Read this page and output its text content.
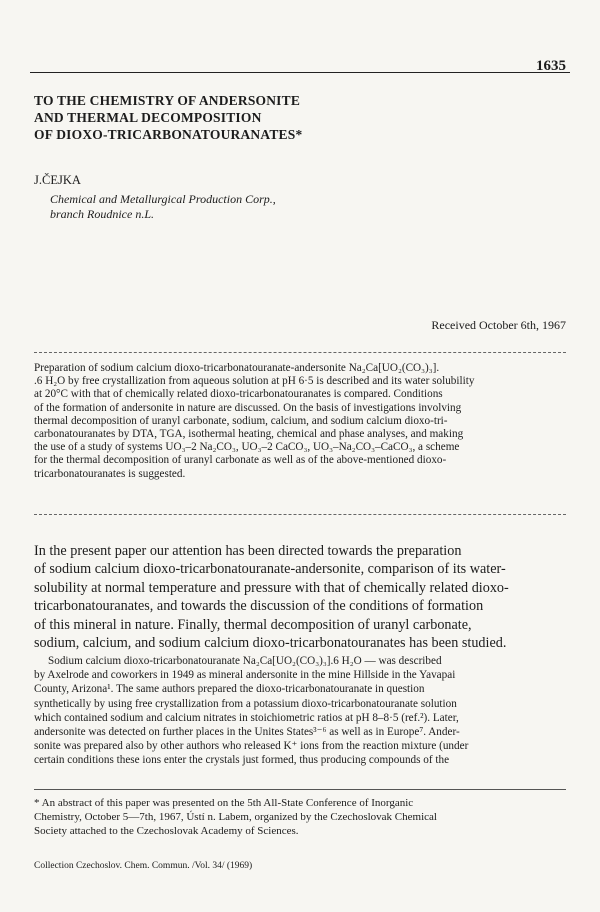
1635
TO THE CHEMISTRY OF ANDERSONITE
AND THERMAL DECOMPOSITION
OF DIOXO-TRICARBONATOURANATES*
J.ČEJKA
Chemical and Metallurgical Production Corp.,
branch Roudnice n.L.
Received October 6th, 1967
Preparation of sodium calcium dioxo-tricarbonatouranate-andersonite Na₂Ca[UO₂(CO₃)₃].
.6 H₂O by free crystallization from aqueous solution at pH 6·5 is described and its water solubility
at 20°C with that of chemically related dioxo-tricarbonatouranates is compared. Conditions
of the formation of andersonite in nature are discussed. On the basis of investigations involving
thermal decomposition of uranyl carbonate, sodium, calcium, and sodium calcium dioxo-tri-
carbonatouranates by DTA, TGA, isothermal heating, chemical and phase analyses, and making
the use of a study of systems UO₃–2 Na₂CO₃, UO₃–2 CaCO₃, UO₃–Na₂CO₃–CaCO₃, a scheme
for the thermal decomposition of uranyl carbonate as well as of the above-mentioned dioxo-
tricarbonatouranates is suggested.
In the present paper our attention has been directed towards the preparation
of sodium calcium dioxo-tricarbonatouranate-andersonite, comparison of its water-
solubility at normal temperature and pressure with that of chemically related dioxo-
tricarbonatouranates, and towards the discussion of the conditions of formation
of this mineral in nature. Finally, thermal decomposition of uranyl carbonate,
sodium, calcium, and sodium calcium dioxo-tricarbonatouranates has been studied.
Sodium calcium dioxo-tricarbonatouranate Na₂Ca[UO₂(CO₃)₃].6 H₂O — was described
by Axelrode and coworkers in 1949 as mineral andersonite in the mine Hillside in the Yavapai
County, Arizona¹. The same authors prepared the dioxo-tricarbonatouranate in question
synthetically by using free crystallization from a potassium dioxo-tricarbonatouranate solution
which contained sodium and calcium nitrates in stoichiometric ratios at pH 8–8·5 (ref.²). Later,
andersonite was detected on further places in the Unites States³⁻⁶ as well as in Europe⁷. Ander-
sonite was prepared also by other authors who released K⁺ ions from the reaction mixture (under
certain conditions these ions enter the crystals just formed, thus producing compounds of the
* An abstract of this paper was presented on the 5th All-State Conference of Inorganic
Chemistry, October 5—7th, 1967, Ústí n. Labem, organized by the Czechoslovak Chemical
Society attached to the Czechoslovak Academy of Sciences.
Collection Czechoslov. Chem. Commun. /Vol. 34/ (1969)
